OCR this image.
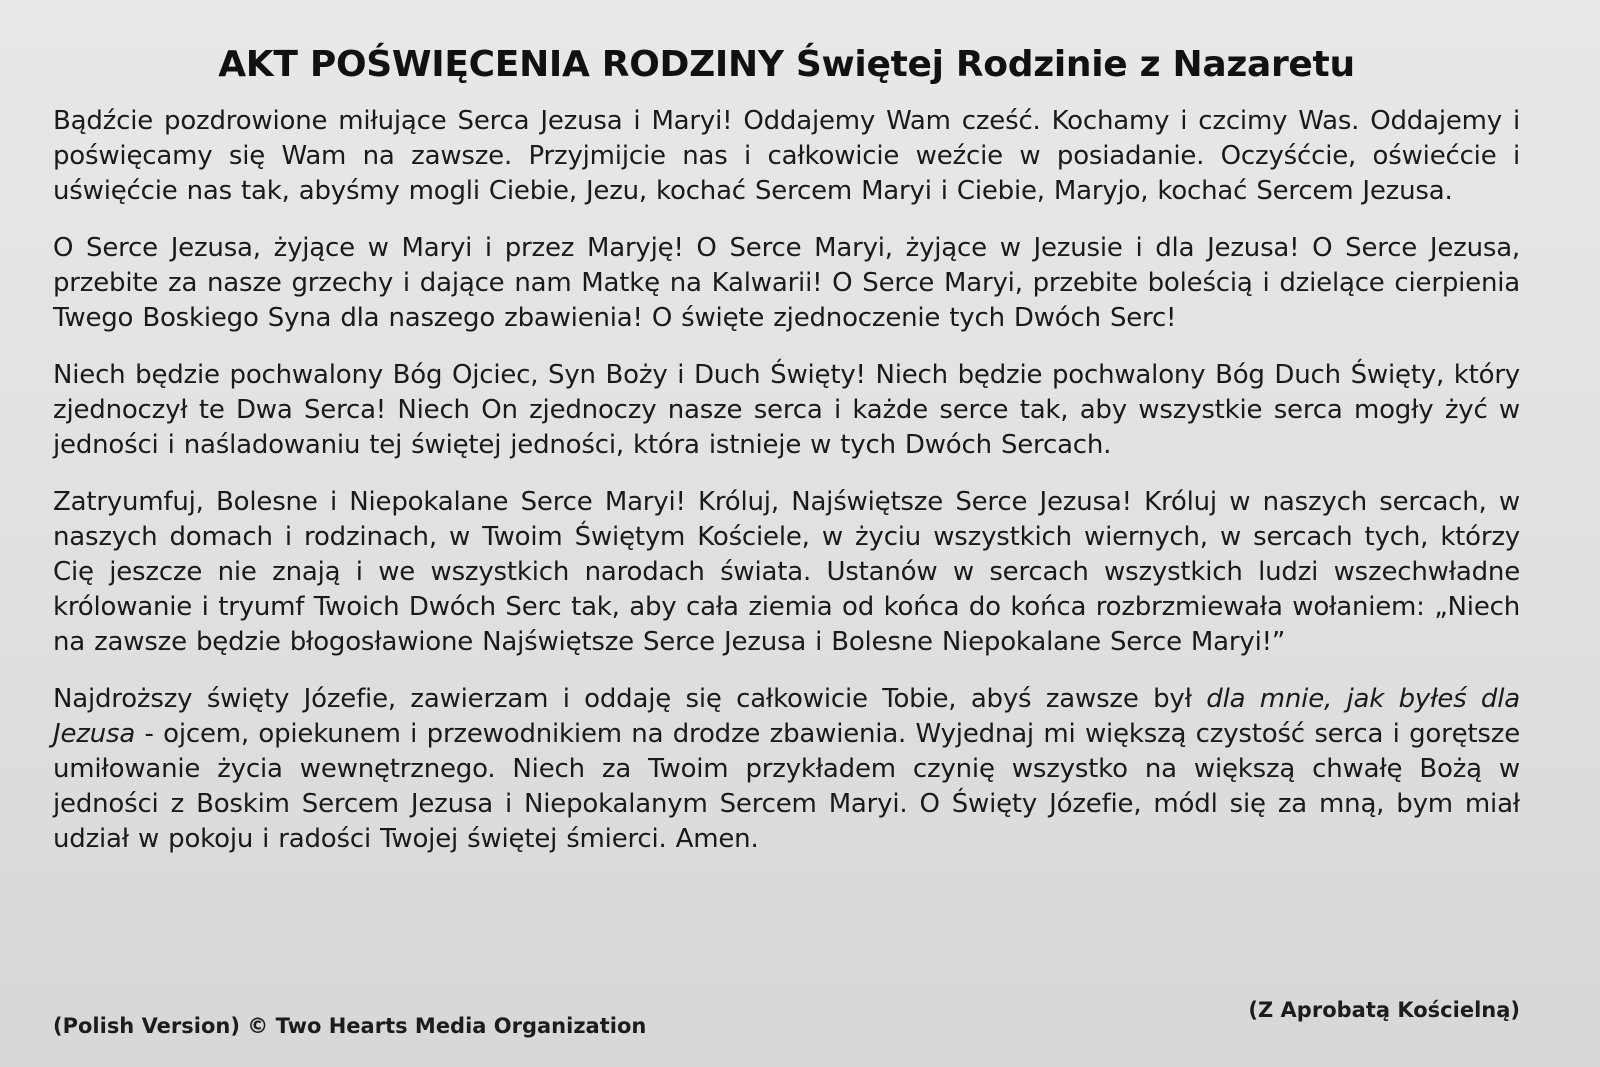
AKT POŚWIĘCENIA RODZINY Świętej Rodzinie z Nazaretu

Bądźcie pozdrowione miłujące Serca Jezusa i Maryi! Oddajemy Wam cześć. Kochamy i czcimy Was. Oddajemy i poświęcamy się Wam na zawsze. Przyjmijcie nas i całkowicie weźcie w posiadanie. Oczyśćcie, oświećcie i uświęćcie nas tak, abyśmy mogli Ciebie, Jezu, kochać Sercem Maryi i Ciebie, Maryjo, kochać Sercem Jezusa.

O Serce Jezusa, żyjące w Maryi i przez Maryję! O Serce Maryi, żyjące w Jezusie i dla Jezusa! O Serce Jezusa, przebite za nasze grzechy i dające nam Matkę na Kalwarii! O Serce Maryi, przebite boleścią i dzielące cierpienia Twego Boskiego Syna dla naszego zbawienia! O święte zjednoczenie tych Dwóch Serc!

Niech będzie pochwalony Bóg Ojciec, Syn Boży i Duch Święty! Niech będzie pochwalony Bóg Duch Święty, który zjednoczył te Dwa Serca! Niech On zjednoczy nasze serca i każde serce tak, aby wszystkie serca mogły żyć w jedności i naśladowaniu tej świętej jedności, która istnieje w tych Dwóch Sercach.

Zatryumfuj, Bolesne i Niepokalane Serce Maryi! Króluj, Najświętsze Serce Jezusa! Króluj w naszych sercach, w naszych domach i rodzinach, w Twoim Świętym Kościele, w życiu wszystkich wiernych, w sercach tych, którzy Cię jeszcze nie znają i we wszystkich narodach świata. Ustanów w sercach wszystkich ludzi wszechwładne królowanie i tryumf Twoich Dwóch Serc tak, aby cała ziemia od końca do końca rozbrzmiewała wołaniem: „Niech na zawsze będzie błogosławione Najświętsze Serce Jezusa i Bolesne Niepokalane Serce Maryi!”

Najdroższy święty Józefie, zawierzam i oddaję się całkowicie Tobie, abyś zawsze był dla mnie, jak byłeś dla Jezusa - ojcem, opiekunem i przewodnikiem na drodze zbawienia. Wyjednaj mi większą czystość serca i gorętsze umiłowanie życia wewnętrznego. Niech za Twoim przykładem czynię wszystko na większą chwałę Bożą w jedności z Boskim Sercem Jezusa i Niepokalanym Sercem Maryi. O Święty Józefie, módl się za mną, bym miał udział w pokoju i radości Twojej świętej śmierci. Amen.

(Polish Version) © Two Hearts Media Organization
(Z Aprobatą Kościelną)
